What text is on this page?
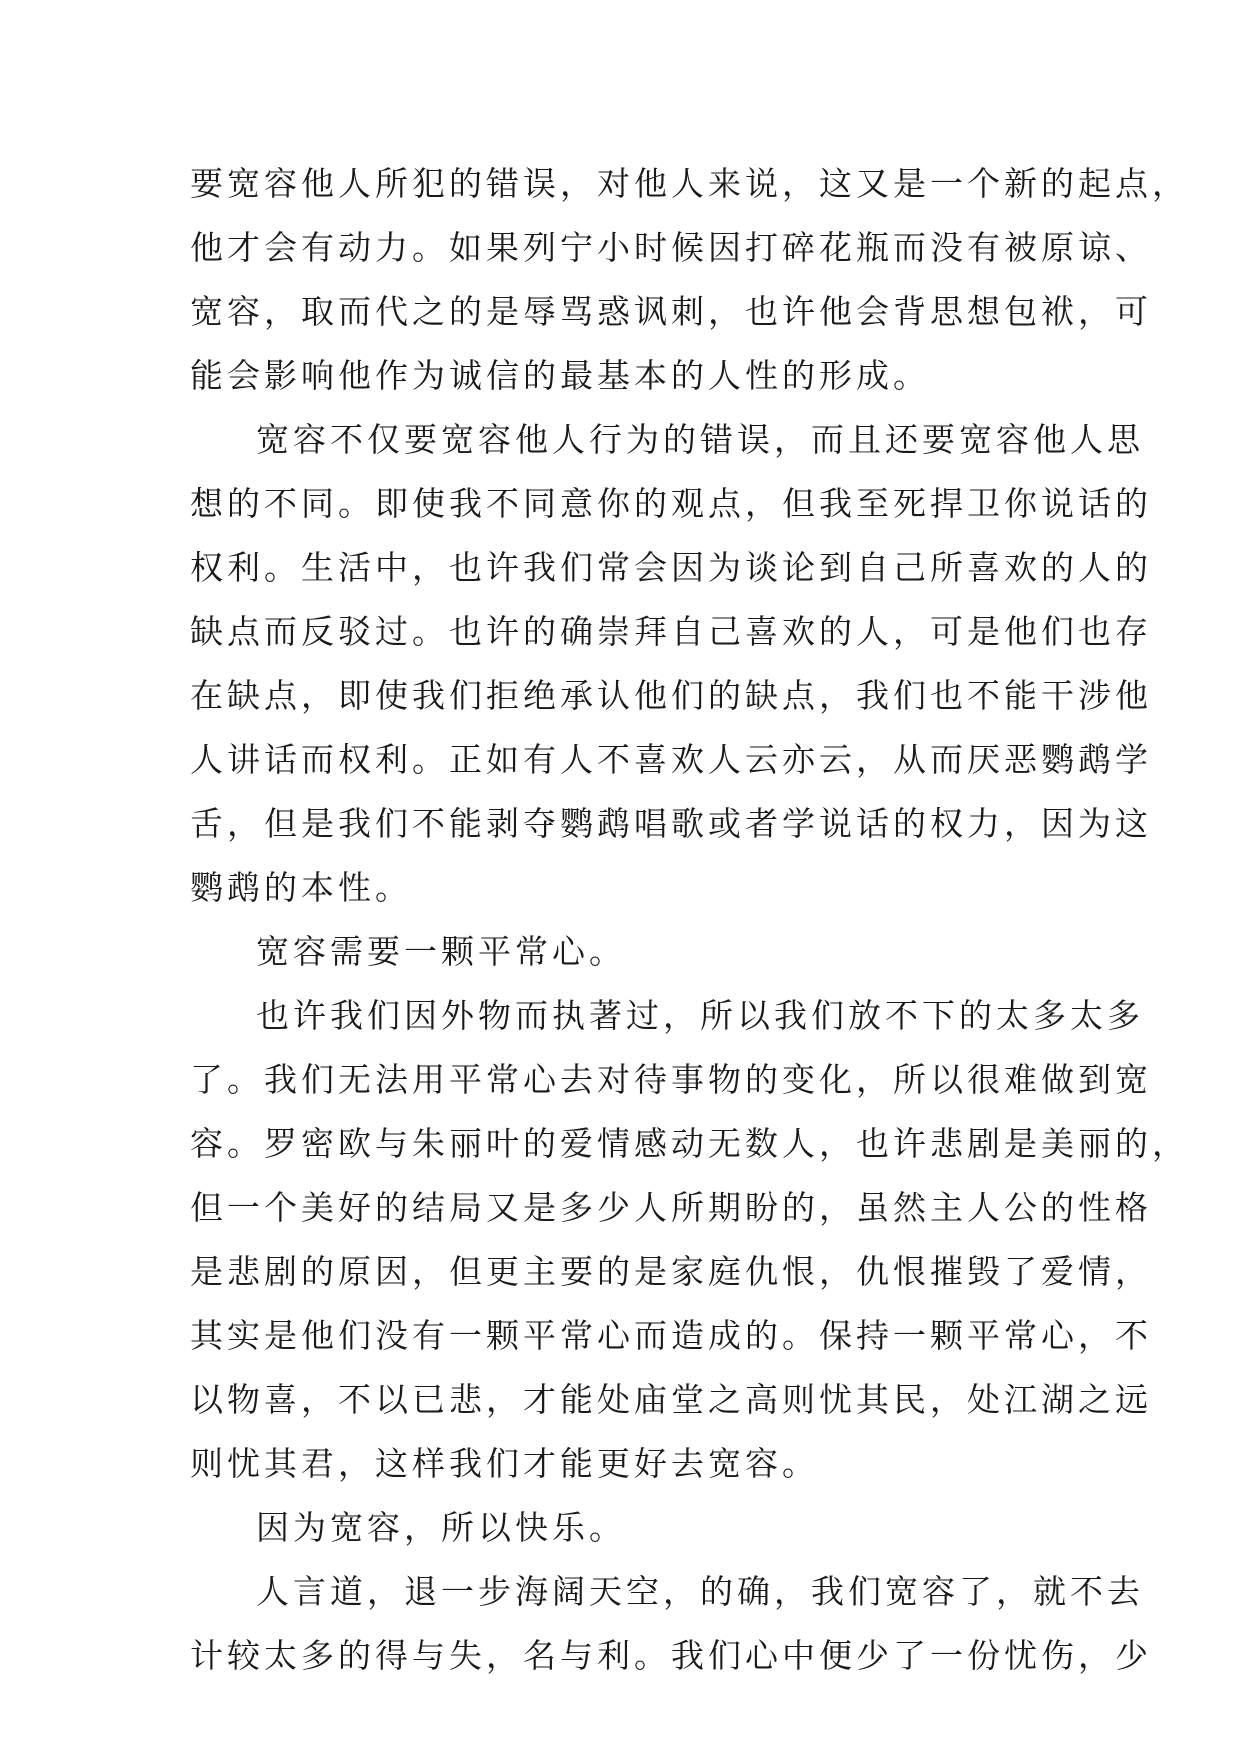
要宽容他人所犯的错误，对他人来说，这又是一个新的起点，
他才会有动力。如果列宁小时候因打碎花瓶而没有被原谅、
宽容，取而代之的是辱骂惑讽刺，也许他会背思想包袱，可
能会影响他作为诚信的最基本的人性的形成。
宽容不仅要宽容他人行为的错误，而且还要宽容他人思
想的不同。即使我不同意你的观点，但我至死捍卫你说话的
权利。生活中，也许我们常会因为谈论到自己所喜欢的人的
缺点而反驳过。也许的确崇拜自己喜欢的人，可是他们也存
在缺点，即使我们拒绝承认他们的缺点，我们也不能干涉他
人讲话而权利。正如有人不喜欢人云亦云，从而厌恶鹦鹉学
舌，但是我们不能剥夺鹦鹉唱歌或者学说话的权力，因为这
鹦鹉的本性。
宽容需要一颗平常心。
也许我们因外物而执著过，所以我们放不下的太多太多
了。我们无法用平常心去对待事物的变化，所以很难做到宽
容。罗密欧与朱丽叶的爱情感动无数人，也许悲剧是美丽的，
但一个美好的结局又是多少人所期盼的，虽然主人公的性格
是悲剧的原因，但更主要的是家庭仇恨，仇恨摧毁了爱情，
其实是他们没有一颗平常心而造成的。保持一颗平常心，不
以物喜，不以已悲，才能处庙堂之高则忧其民，处江湖之远
则忧其君，这样我们才能更好去宽容。
因为宽容，所以快乐。
人言道，退一步海阔天空，的确，我们宽容了，就不去
计较太多的得与失，名与利。我们心中便少了一份忧伤，少
